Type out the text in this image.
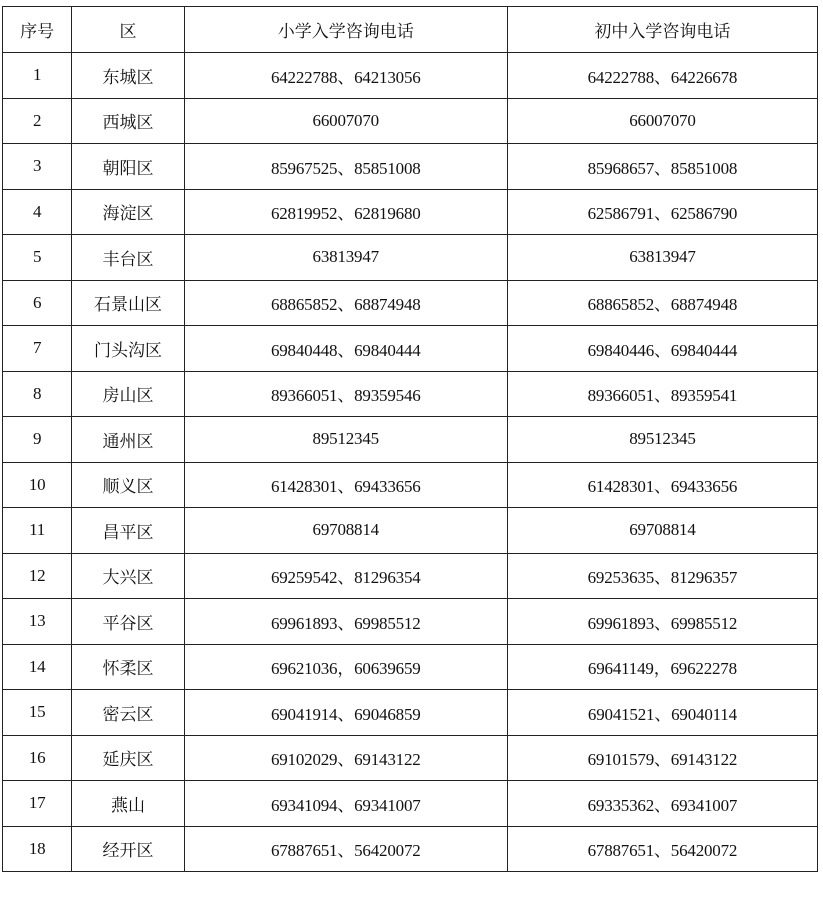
序号	区	小学入学咨询电话	初中入学咨询电话
1	东城区	64222788、64213056	64222788、64226678
2	西城区	66007070	66007070
3	朝阳区	85967525、85851008	85968657、85851008
4	海淀区	62819952、62819680	62586791、62586790
5	丰台区	63813947	63813947
6	石景山区	68865852、68874948	68865852、68874948
7	门头沟区	69840448、69840444	69840446、69840444
8	房山区	89366051、89359546	89366051、89359541
9	通州区	89512345	89512345
10	顺义区	61428301、69433656	61428301、69433656
11	昌平区	69708814	69708814
12	大兴区	69259542、81296354	69253635、81296357
13	平谷区	69961893、69985512	69961893、69985512
14	怀柔区	69621036，60639659	69641149，69622278
15	密云区	69041914、69046859	69041521、69040114
16	延庆区	69102029、69143122	69101579、69143122
17	燕山	69341094、69341007	69335362、69341007
18	经开区	67887651、56420072	67887651、56420072
